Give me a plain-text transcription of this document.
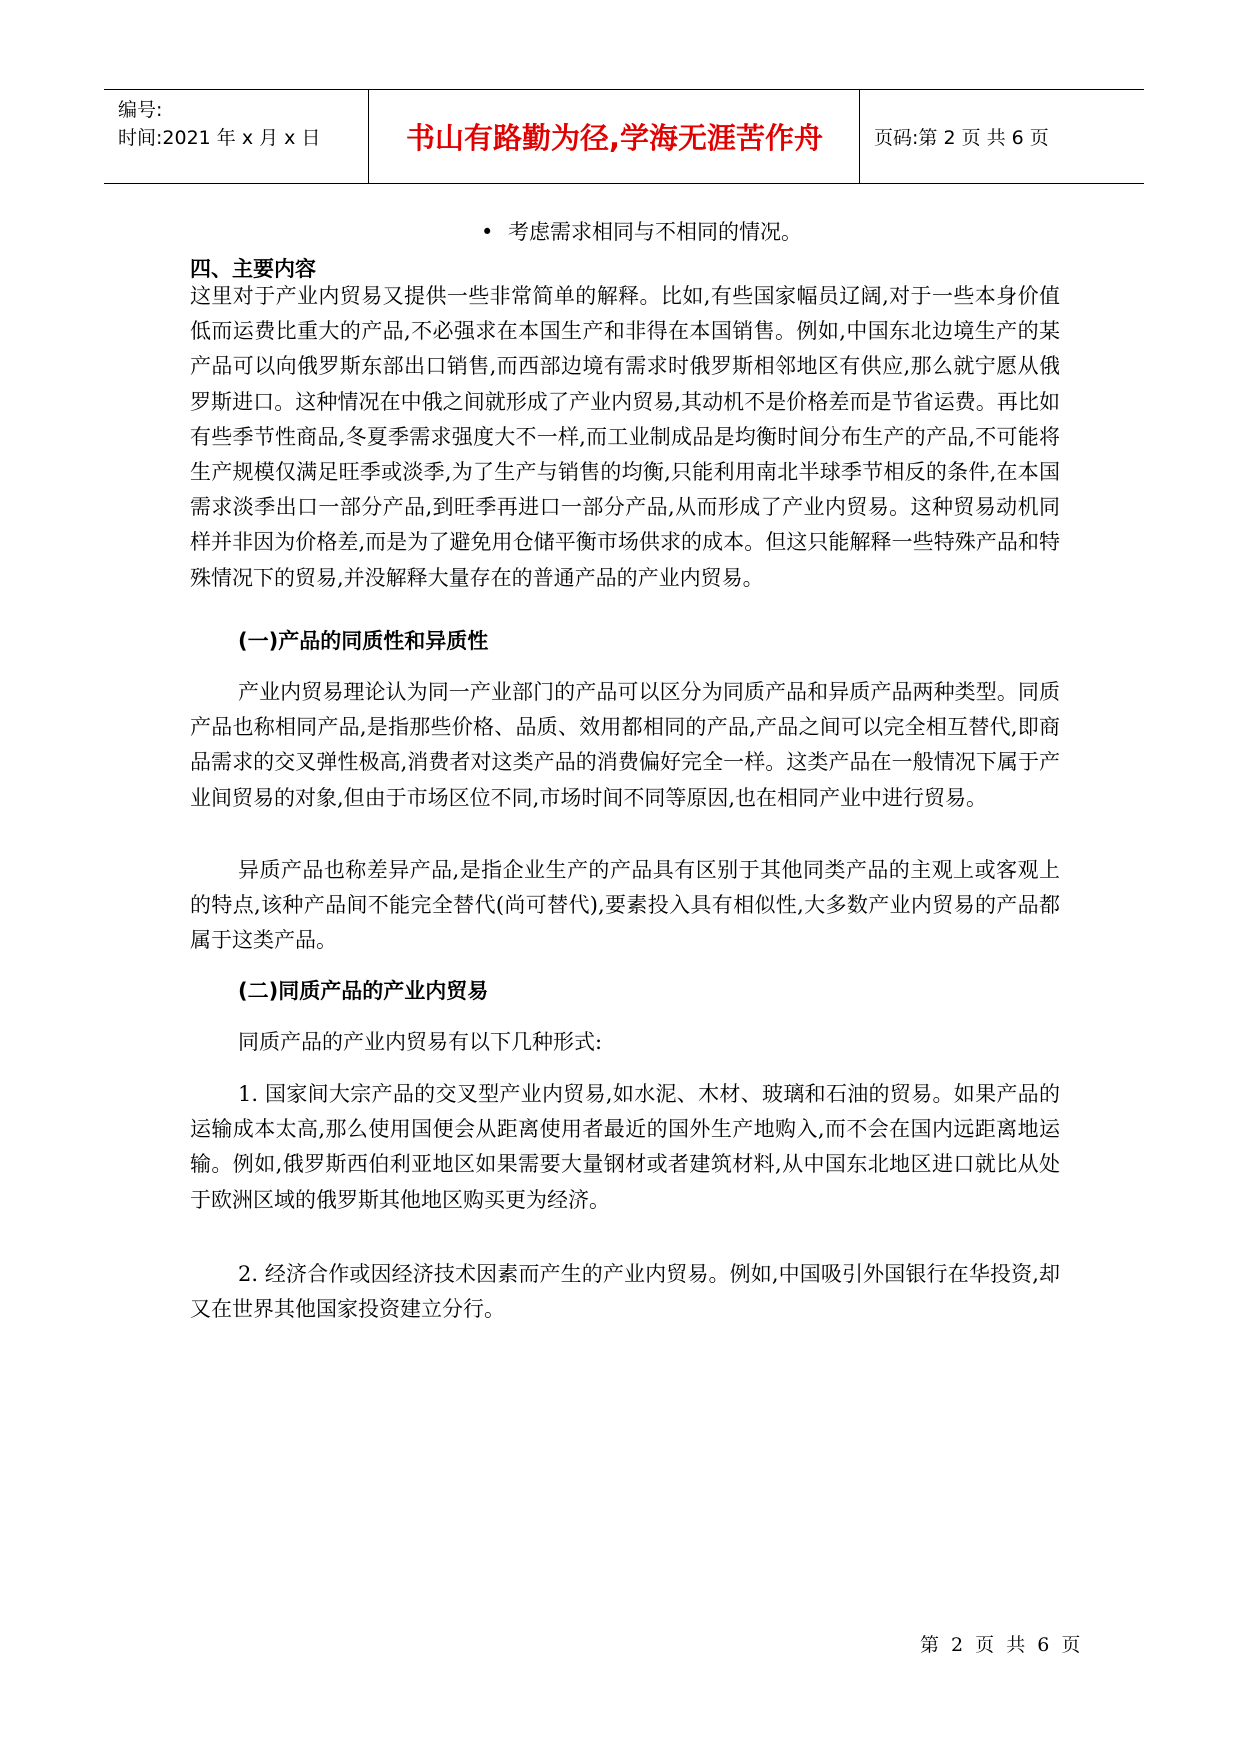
编号:
时间:2021 年 x 月 x 日	书山有路勤为径,学海无涯苦作舟	页码:第 2 页 共 6 页
• 考虑需求相同与不相同的情况。
四、主要内容

这里对于产业内贸易又提供一些非常简单的解释。比如,有些国家幅员辽阔,对于一些本身价值低而运费比重大的产品,不必强求在本国生产和非得在本国销售。例如,中国东北边境生产的某产品可以向俄罗斯东部出口销售,而西部边境有需求时俄罗斯相邻地区有供应,那么就宁愿从俄罗斯进口。这种情况在中俄之间就形成了产业内贸易,其动机不是价格差而是节省运费。再比如有些季节性商品,冬夏季需求强度大不一样,而工业制成品是均衡时间分布生产的产品,不可能将生产规模仅满足旺季或淡季,为了生产与销售的均衡,只能利用南北半球季节相反的条件,在本国需求淡季出口一部分产品,到旺季再进口一部分产品,从而形成了产业内贸易。这种贸易动机同样并非因为价格差,而是为了避免用仓储平衡市场供求的成本。但这只能解释一些特殊产品和特殊情况下的贸易,并没解释大量存在的普通产品的产业内贸易。

(一)产品的同质性和异质性

产业内贸易理论认为同一产业部门的产品可以区分为同质产品和异质产品两种类型。同质产品也称相同产品,是指那些价格、品质、效用都相同的产品,产品之间可以完全相互替代,即商品需求的交叉弹性极高,消费者对这类产品的消费偏好完全一样。这类产品在一般情况下属于产业间贸易的对象,但由于市场区位不同,市场时间不同等原因,也在相同产业中进行贸易。

异质产品也称差异产品,是指企业生产的产品具有区别于其他同类产品的主观上或客观上的特点,该种产品间不能完全替代(尚可替代),要素投入具有相似性,大多数产业内贸易的产品都属于这类产品。

(二)同质产品的产业内贸易

同质产品的产业内贸易有以下几种形式:

1. 国家间大宗产品的交叉型产业内贸易,如水泥、木材、玻璃和石油的贸易。如果产品的运输成本太高,那么使用国便会从距离使用者最近的国外生产地购入,而不会在国内远距离地运输。例如,俄罗斯西伯利亚地区如果需要大量钢材或者建筑材料,从中国东北地区进口就比从处于欧洲区域的俄罗斯其他地区购买更为经济。

2. 经济合作或因经济技术因素而产生的产业内贸易。例如,中国吸引外国银行在华投资,却又在世界其他国家投资建立分行。

第 2 页 共 6 页
